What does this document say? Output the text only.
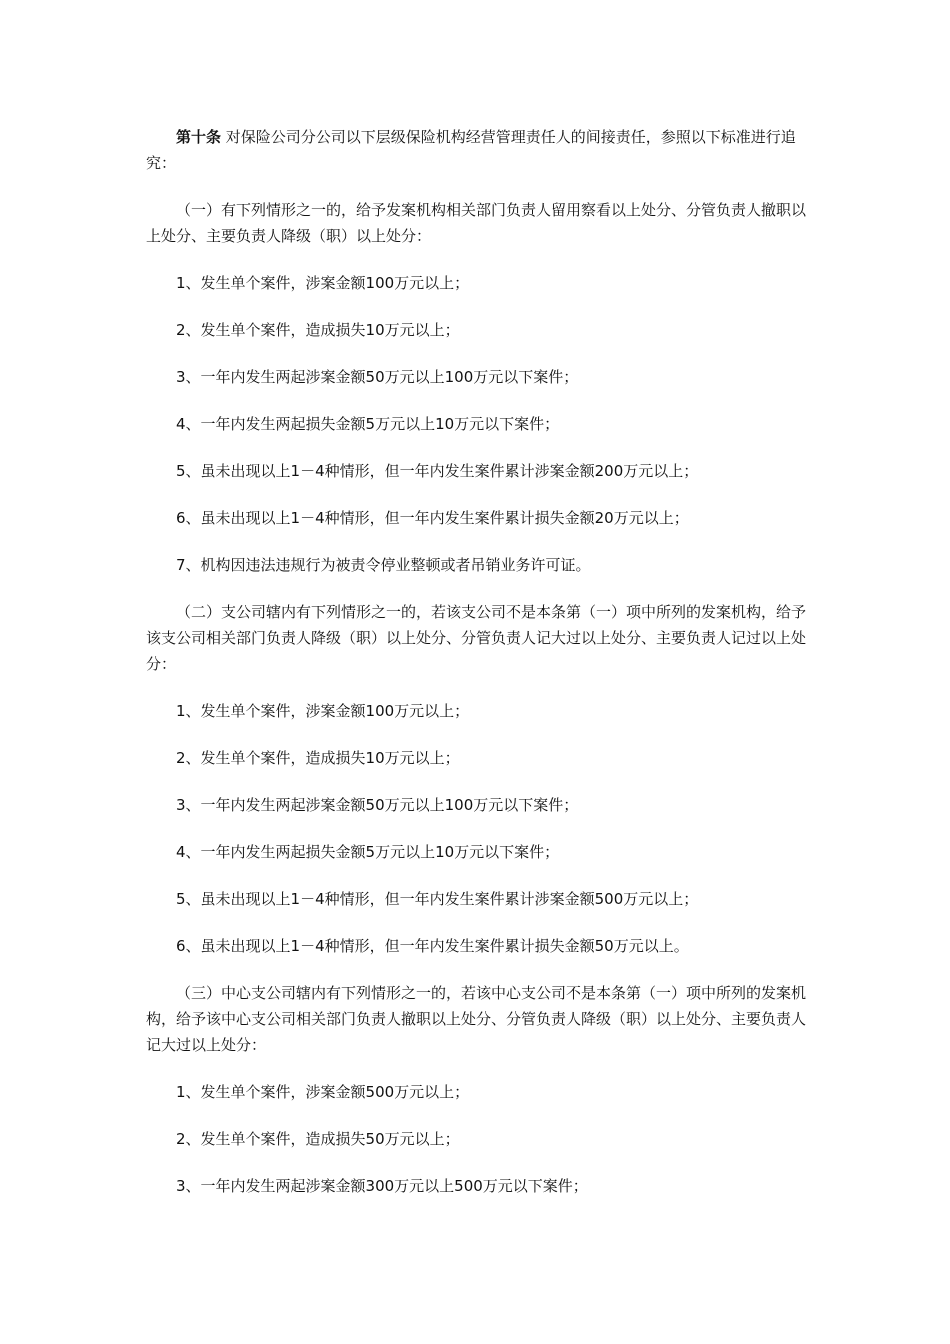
第十条 对保险公司分公司以下层级保险机构经营管理责任人的间接责任，参照以下标准进行追究：

（一）有下列情形之一的，给予发案机构相关部门负责人留用察看以上处分、分管负责人撤职以上处分、主要负责人降级（职）以上处分：

1、发生单个案件，涉案金额100万元以上；

2、发生单个案件，造成损失10万元以上；

3、一年内发生两起涉案金额50万元以上100万元以下案件；

4、一年内发生两起损失金额5万元以上10万元以下案件；

5、虽未出现以上1－4种情形，但一年内发生案件累计涉案金额200万元以上；

6、虽未出现以上1－4种情形，但一年内发生案件累计损失金额20万元以上；

7、机构因违法违规行为被责令停业整顿或者吊销业务许可证。

（二）支公司辖内有下列情形之一的，若该支公司不是本条第（一）项中所列的发案机构，给予该支公司相关部门负责人降级（职）以上处分、分管负责人记大过以上处分、主要负责人记过以上处分：

1、发生单个案件，涉案金额100万元以上；

2、发生单个案件，造成损失10万元以上；

3、一年内发生两起涉案金额50万元以上100万元以下案件；

4、一年内发生两起损失金额5万元以上10万元以下案件；

5、虽未出现以上1－4种情形，但一年内发生案件累计涉案金额500万元以上；

6、虽未出现以上1－4种情形，但一年内发生案件累计损失金额50万元以上。

（三）中心支公司辖内有下列情形之一的，若该中心支公司不是本条第（一）项中所列的发案机构，给予该中心支公司相关部门负责人撤职以上处分、分管负责人降级（职）以上处分、主要负责人记大过以上处分：

1、发生单个案件，涉案金额500万元以上；

2、发生单个案件，造成损失50万元以上；

3、一年内发生两起涉案金额300万元以上500万元以下案件；
